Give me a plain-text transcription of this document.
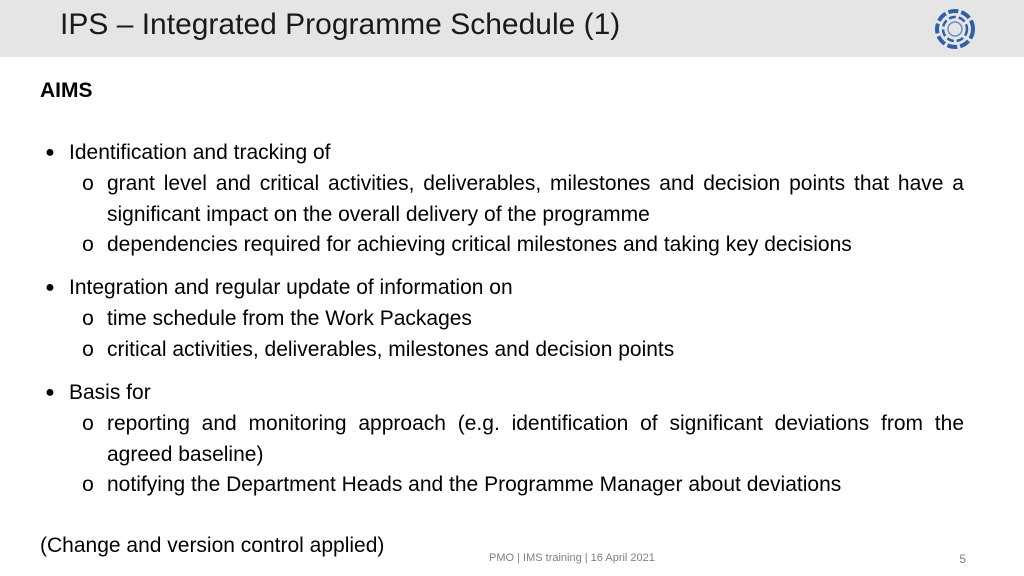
IPS – Integrated Programme Schedule (1)
AIMS
● Identification and tracking of
o grant level and critical activities, deliverables, milestones and decision points that have a significant impact on the overall delivery of the programme
o dependencies required for achieving critical milestones and taking key decisions
● Integration and regular update of information on
o time schedule from the Work Packages
o critical activities, deliverables, milestones and decision points
● Basis for
o reporting and monitoring approach (e.g. identification of significant deviations from the agreed baseline)
o notifying the Department Heads and the Programme Manager about deviations
(Change and version control applied)
PMO | IMS training | 16 April 2021	5
